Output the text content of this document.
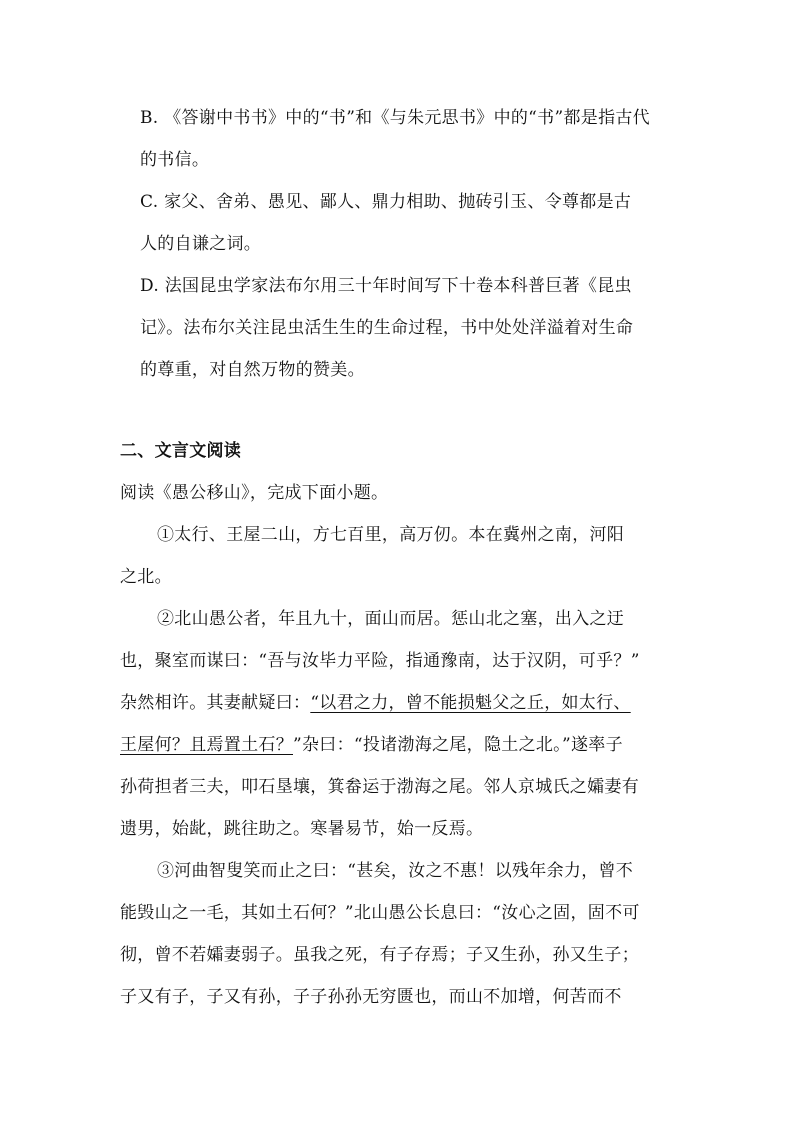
B. 《答谢中书书》中的“书”和《与朱元思书》中的“书”都是指古代
的书信。
C. 家父、舍弟、愚见、鄙人、鼎力相助、抛砖引玉、令尊都是古
人的自谦之词。
D. 法国昆虫学家法布尔用三十年时间写下十卷本科普巨著《昆虫
记》。法布尔关注昆虫活生生的生命过程，书中处处洋溢着对生命
的尊重，对自然万物的赞美。
二、文言文阅读
阅读《愚公移山》，完成下面小题。
①太行、王屋二山，方七百里，高万仞。本在冀州之南，河阳
之北。
②北山愚公者，年且九十，面山而居。惩山北之塞，出入之迂
也，聚室而谋曰：“吾与汝毕力平险，指通豫南，达于汉阴，可乎？”
杂然相许。其妻献疑曰：“以君之力，曾不能损魁父之丘，如太行、
王屋何？且焉置土石？”杂曰：“投诸渤海之尾，隐土之北。”遂率子
孙荷担者三夫，叩石垦壤，箕畚运于渤海之尾。邻人京城氏之孀妻有
遗男，始龀，跳往助之。寒暑易节，始一反焉。
③河曲智叟笑而止之曰：“甚矣，汝之不惠！以残年余力，曾不
能毁山之一毛，其如土石何？”北山愚公长息曰：“汝心之固，固不可
彻，曾不若孀妻弱子。虽我之死，有子存焉；子又生孙，孙又生子；
子又有子，子又有孙，子子孙孙无穷匮也，而山不加增，何苦而不
